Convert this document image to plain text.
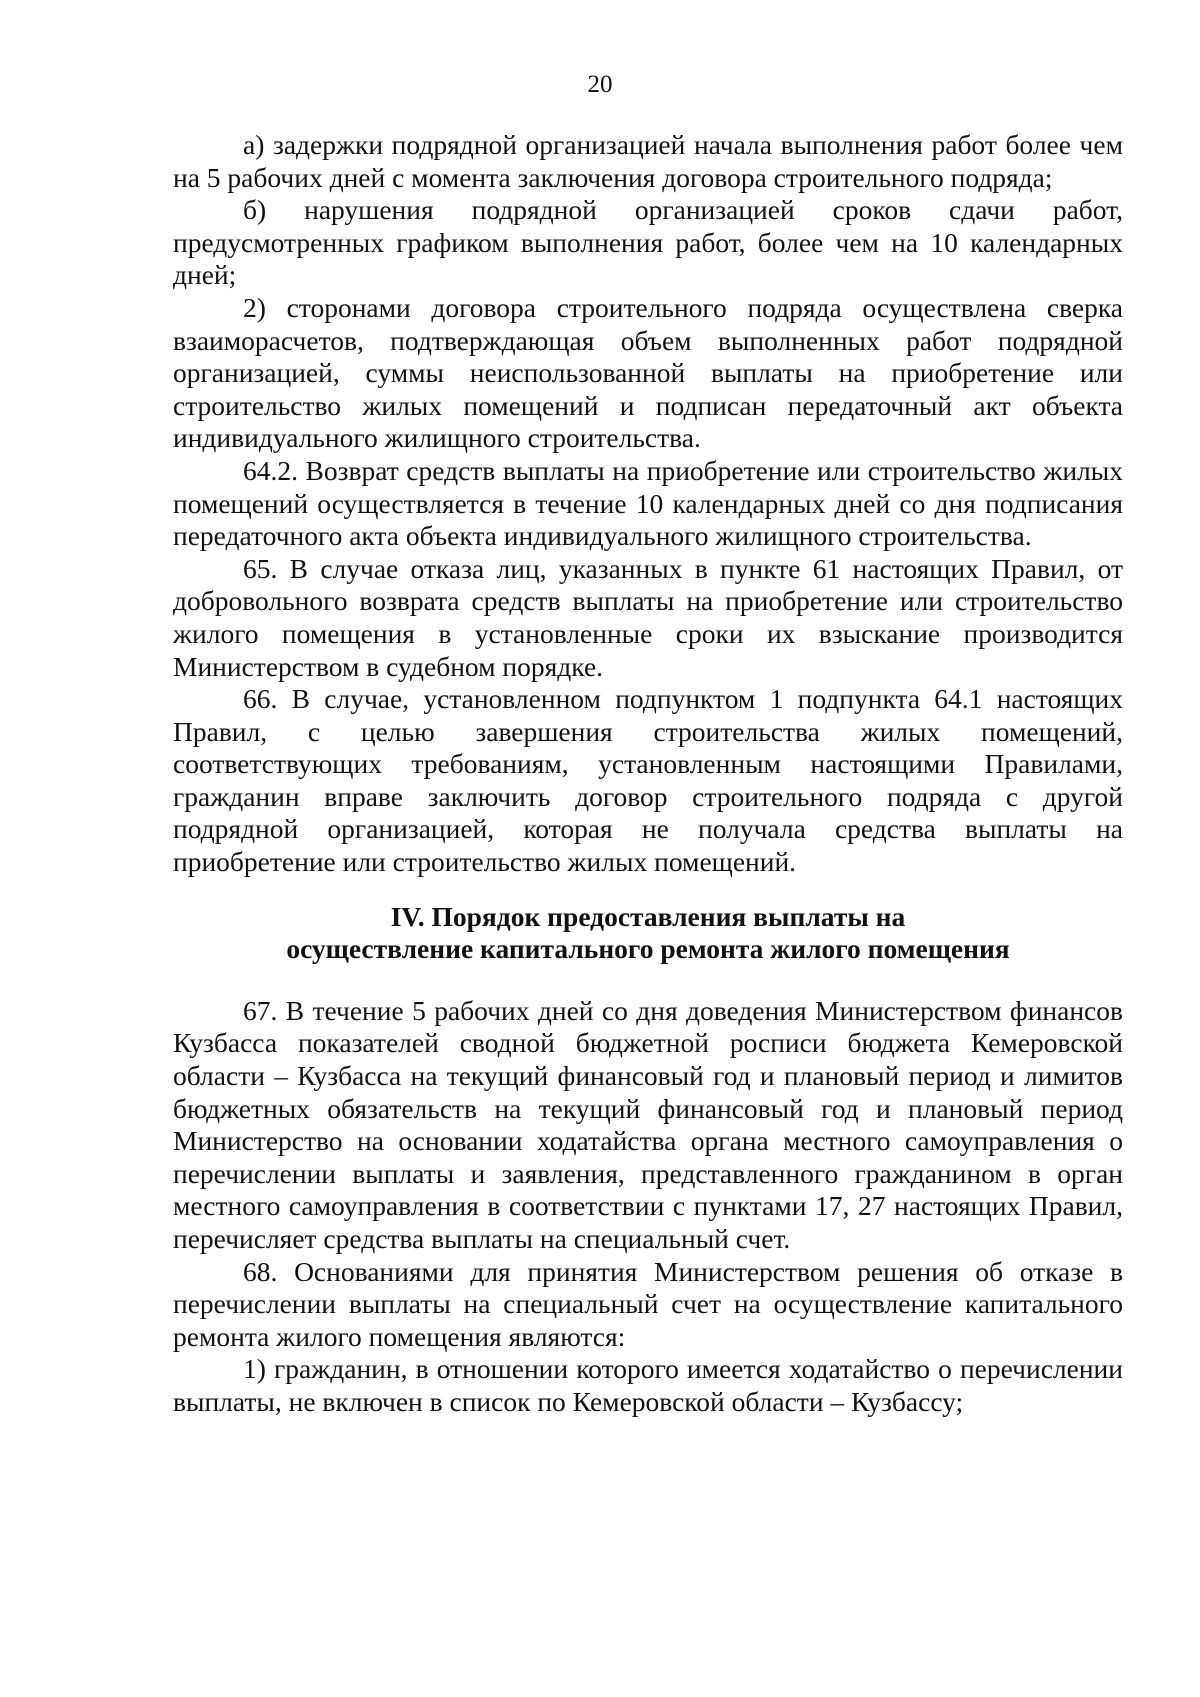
20

а) задержки подрядной организацией начала выполнения работ более чем на 5 рабочих дней с момента заключения договора строительного подряда;

б) нарушения подрядной организацией сроков сдачи работ, предусмотренных графиком выполнения работ, более чем на 10 календарных дней;

2) сторонами договора строительного подряда осуществлена сверка взаиморасчетов, подтверждающая объем выполненных работ подрядной организацией, суммы неиспользованной выплаты на приобретение или строительство жилых помещений и подписан передаточный акт объекта индивидуального жилищного строительства.

64.2. Возврат средств выплаты на приобретение или строительство жилых помещений осуществляется в течение 10 календарных дней со дня подписания передаточного акта объекта индивидуального жилищного строительства.

65. В случае отказа лиц, указанных в пункте 61 настоящих Правил, от добровольного возврата средств выплаты на приобретение или строительство жилого помещения в установленные сроки их взыскание производится Министерством в судебном порядке.

66. В случае, установленном подпунктом 1 подпункта 64.1 настоящих Правил, с целью завершения строительства жилых помещений, соответствующих требованиям, установленным настоящими Правилами, гражданин вправе заключить договор строительного подряда с другой подрядной организацией, которая не получала средства выплаты на приобретение или строительство жилых помещений.

IV. Порядок предоставления выплаты на
осуществление капитального ремонта жилого помещения

67. В течение 5 рабочих дней со дня доведения Министерством финансов Кузбасса показателей сводной бюджетной росписи бюджета Кемеровской области – Кузбасса на текущий финансовый год и плановый период и лимитов бюджетных обязательств на текущий финансовый год и плановый период Министерство на основании ходатайства органа местного самоуправления о перечислении выплаты и заявления, представленного гражданином в орган местного самоуправления в соответствии с пунктами 17, 27 настоящих Правил, перечисляет средства выплаты на специальный счет.

68. Основаниями для принятия Министерством решения об отказе в перечислении выплаты на специальный счет на осуществление капитального ремонта жилого помещения являются:

1) гражданин, в отношении которого имеется ходатайство о перечислении выплаты, не включен в список по Кемеровской области – Кузбассу;
